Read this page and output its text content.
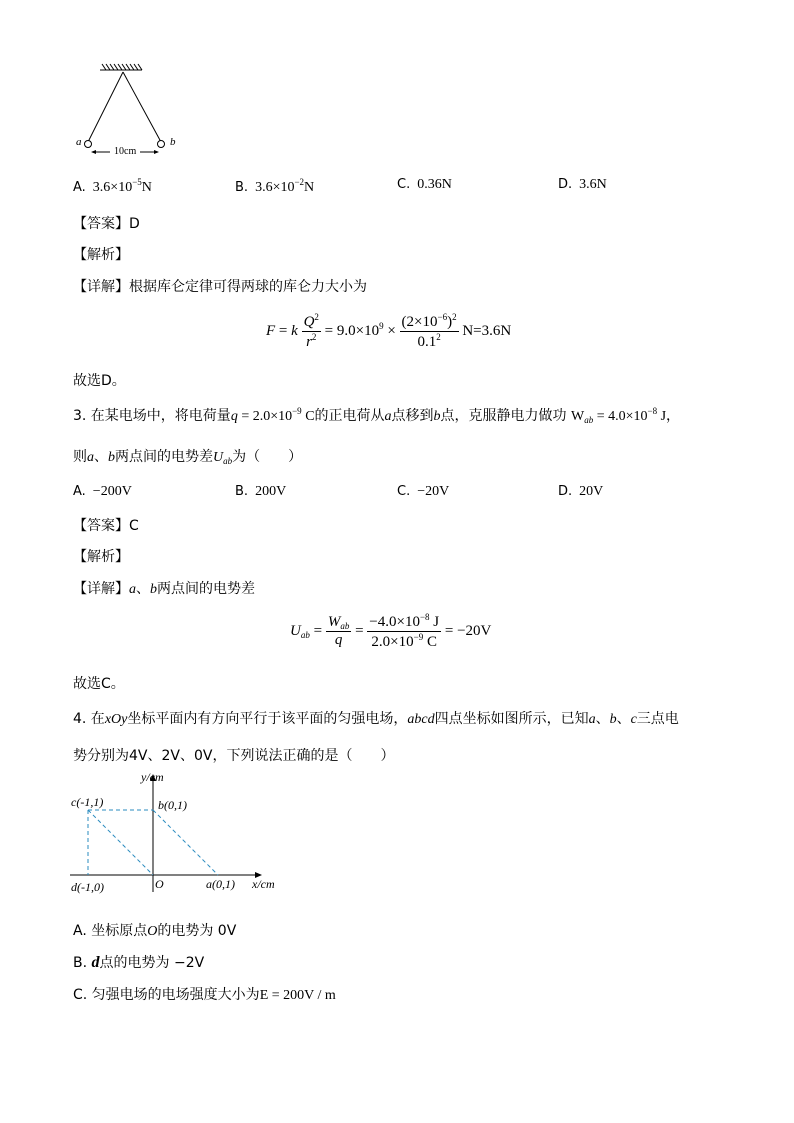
a	b
10cm
A. $3.6\times 10^{-5}N$	B. $3.6\times 10^{-2}N$	C. 0.36N	D. 3.6N
【答案】D
【解析】
【详解】根据库仑定律可得两球的库仑力大小为
F = k $\frac{Q^2}{r^2} = 9.0\times 10^9 \times \frac{(2\times 10^{-6})^2}{0.1^2} N=3.6N$
故选D。
3. 在某电场中，将电荷量$q = 2.0\times 10^{-9}$ C的正电荷从a点移到b点，克服静电力做功 $W_{ab} = 4.0\times 10^{-8}$ J，
则a、b两点间的电势差$U_{ab}$为（　　）
A. −200V	B. 200V	C. −20V	D. 20V
【答案】C
【解析】
【详解】a、b两点间的电势差
$U_{ab} = \frac{W_{ab}}{q} = \frac{-4.0\times 10^{-8} J}{2.0\times 10^{-9} C} = -20V$
故选C。
4. 在xOy坐标平面内有方向平行于该平面的匀强电场，abcd四点坐标如图所示，已知a、b、c三点电
势分别为4V、2V、0V，下列说法正确的是（　　）
y/cm
c(-1,1)	b(0,1)
d(-1,0)	O	a(0,1) x/cm
A. 坐标原点O的电势为 0V
B. d点的电势为 −2V
C. 匀强电场的电场强度大小为E = 200V / m
